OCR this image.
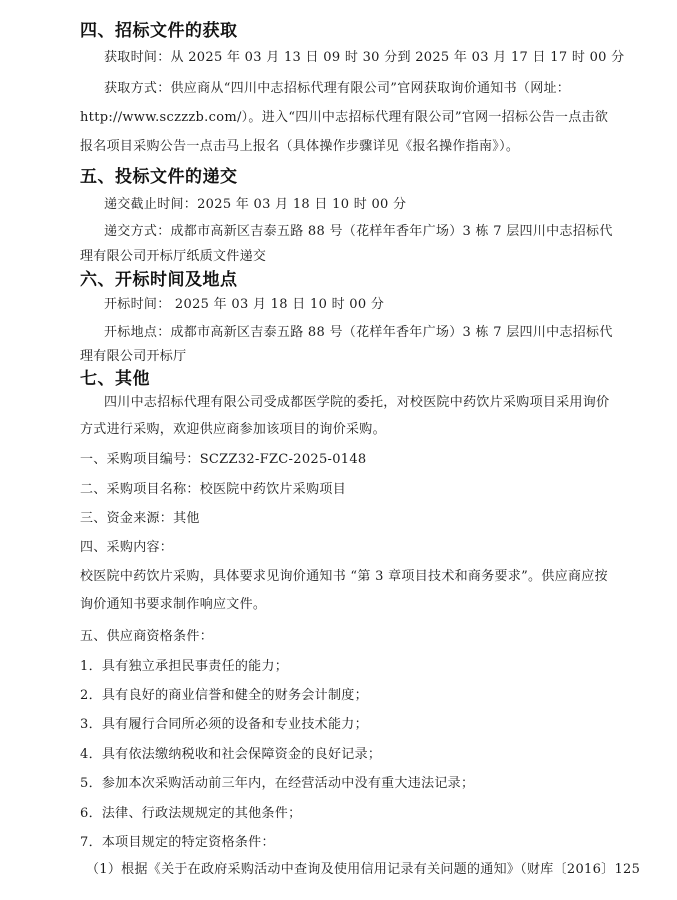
四、招标文件的获取
获取时间：从 2025 年 03 月 13 日 09 时 30 分到 2025 年 03 月 17 日 17 时 00 分
获取方式：供应商从“四川中志招标代理有限公司”官网获取询价通知书（网址：
http://www.sczzzb.com/）。进入“四川中志招标代理有限公司”官网一招标公告一点击欲
报名项目采购公告一点击马上报名（具体操作步骤详见《报名操作指南》）。
五、投标文件的递交
递交截止时间：2025 年 03 月 18 日 10 时 00 分
递交方式：成都市高新区吉泰五路 88 号（花样年香年广场）3 栋 7 层四川中志招标代
理有限公司开标厅纸质文件递交
六、开标时间及地点
开标时间： 2025 年 03 月 18 日 10 时 00 分
开标地点：成都市高新区吉泰五路 88 号（花样年香年广场）3 栋 7 层四川中志招标代
理有限公司开标厅
七、其他
四川中志招标代理有限公司受成都医学院的委托，对校医院中药饮片采购项目采用询价
方式进行采购，欢迎供应商参加该项目的询价采购。
一、采购项目编号：SCZZ32-FZC-2025-0148
二、采购项目名称：校医院中药饮片采购项目
三、资金来源：其他
四、采购内容：
校医院中药饮片采购，具体要求见询价通知书 “第 3 章项目技术和商务要求”。供应商应按
询价通知书要求制作响应文件。
五、供应商资格条件：
1．具有独立承担民事责任的能力；
2．具有良好的商业信誉和健全的财务会计制度；
3．具有履行合同所必须的设备和专业技术能力；
4．具有依法缴纳税收和社会保障资金的良好记录；
5．参加本次采购活动前三年内，在经营活动中没有重大违法记录；
6．法律、行政法规规定的其他条件；
7．本项目规定的特定资格条件：
（1）根据《关于在政府采购活动中查询及使用信用记录有关问题的通知》（财库〔2016〕125
